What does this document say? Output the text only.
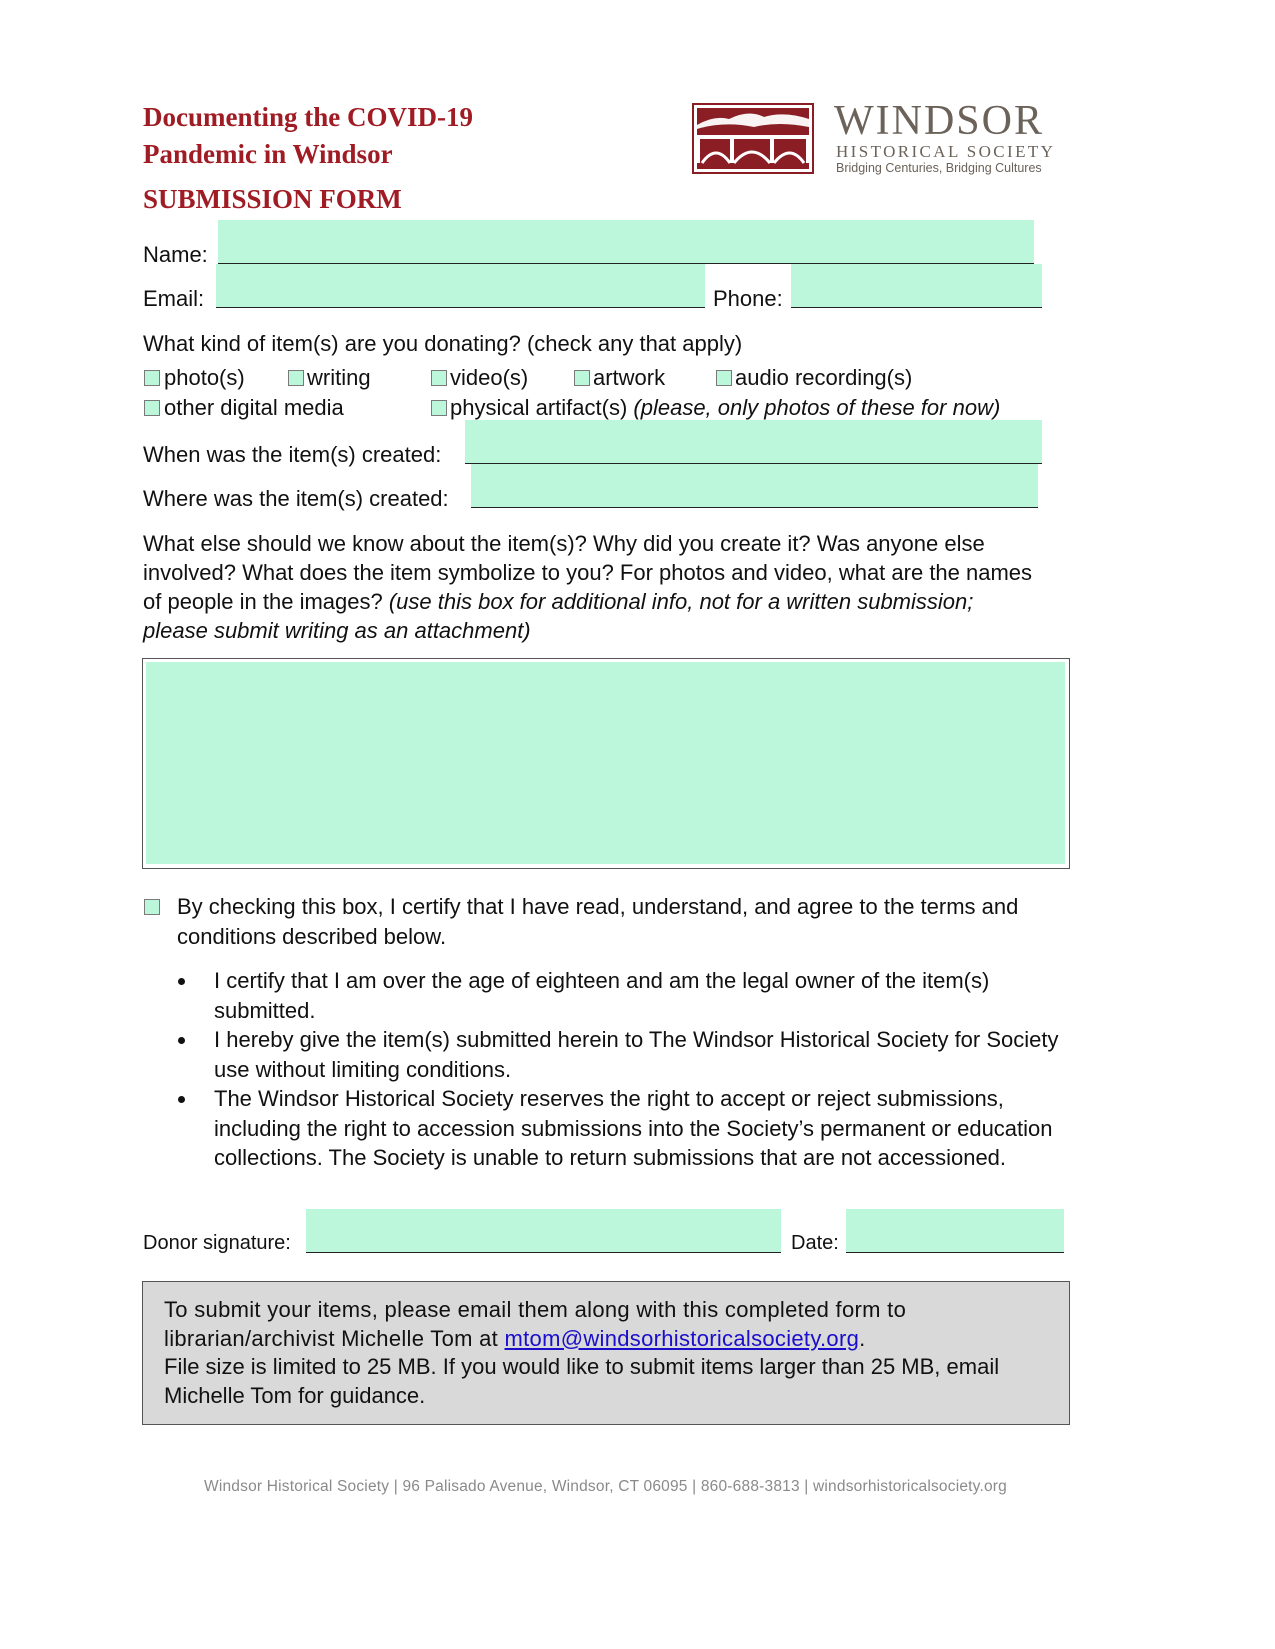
Documenting the COVID-19
Pandemic in Windsor
SUBMISSION FORM
WINDSOR
HISTORICAL SOCIETY
Bridging Centuries, Bridging Cultures
Name:
Email:	Phone:
What kind of item(s) are you donating? (check any that apply)
photo(s)	writing	video(s)	artwork	audio recording(s)
other digital media	physical artifact(s) (please, only photos of these for now)
When was the item(s) created:
Where was the item(s) created:
What else should we know about the item(s)? Why did you create it? Was anyone else involved? What does the item symbolize to you? For photos and video, what are the names of people in the images? (use this box for additional info, not for a written submission; please submit writing as an attachment)
By checking this box, I certify that I have read, understand, and agree to the terms and conditions described below.
I certify that I am over the age of eighteen and am the legal owner of the item(s) submitted.
I hereby give the item(s) submitted herein to The Windsor Historical Society for Society use without limiting conditions.
The Windsor Historical Society reserves the right to accept or reject submissions, including the right to accession submissions into the Society’s permanent or education collections. The Society is unable to return submissions that are not accessioned.
Donor signature:	Date:
To submit your items, please email them along with this completed form to librarian/archivist Michelle Tom at mtom@windsorhistoricalsociety.org.
File size is limited to 25 MB. If you would like to submit items larger than 25 MB, email Michelle Tom for guidance.
Windsor Historical Society | 96 Palisado Avenue, Windsor, CT 06095 | 860-688-3813 | windsorhistoricalsociety.org
